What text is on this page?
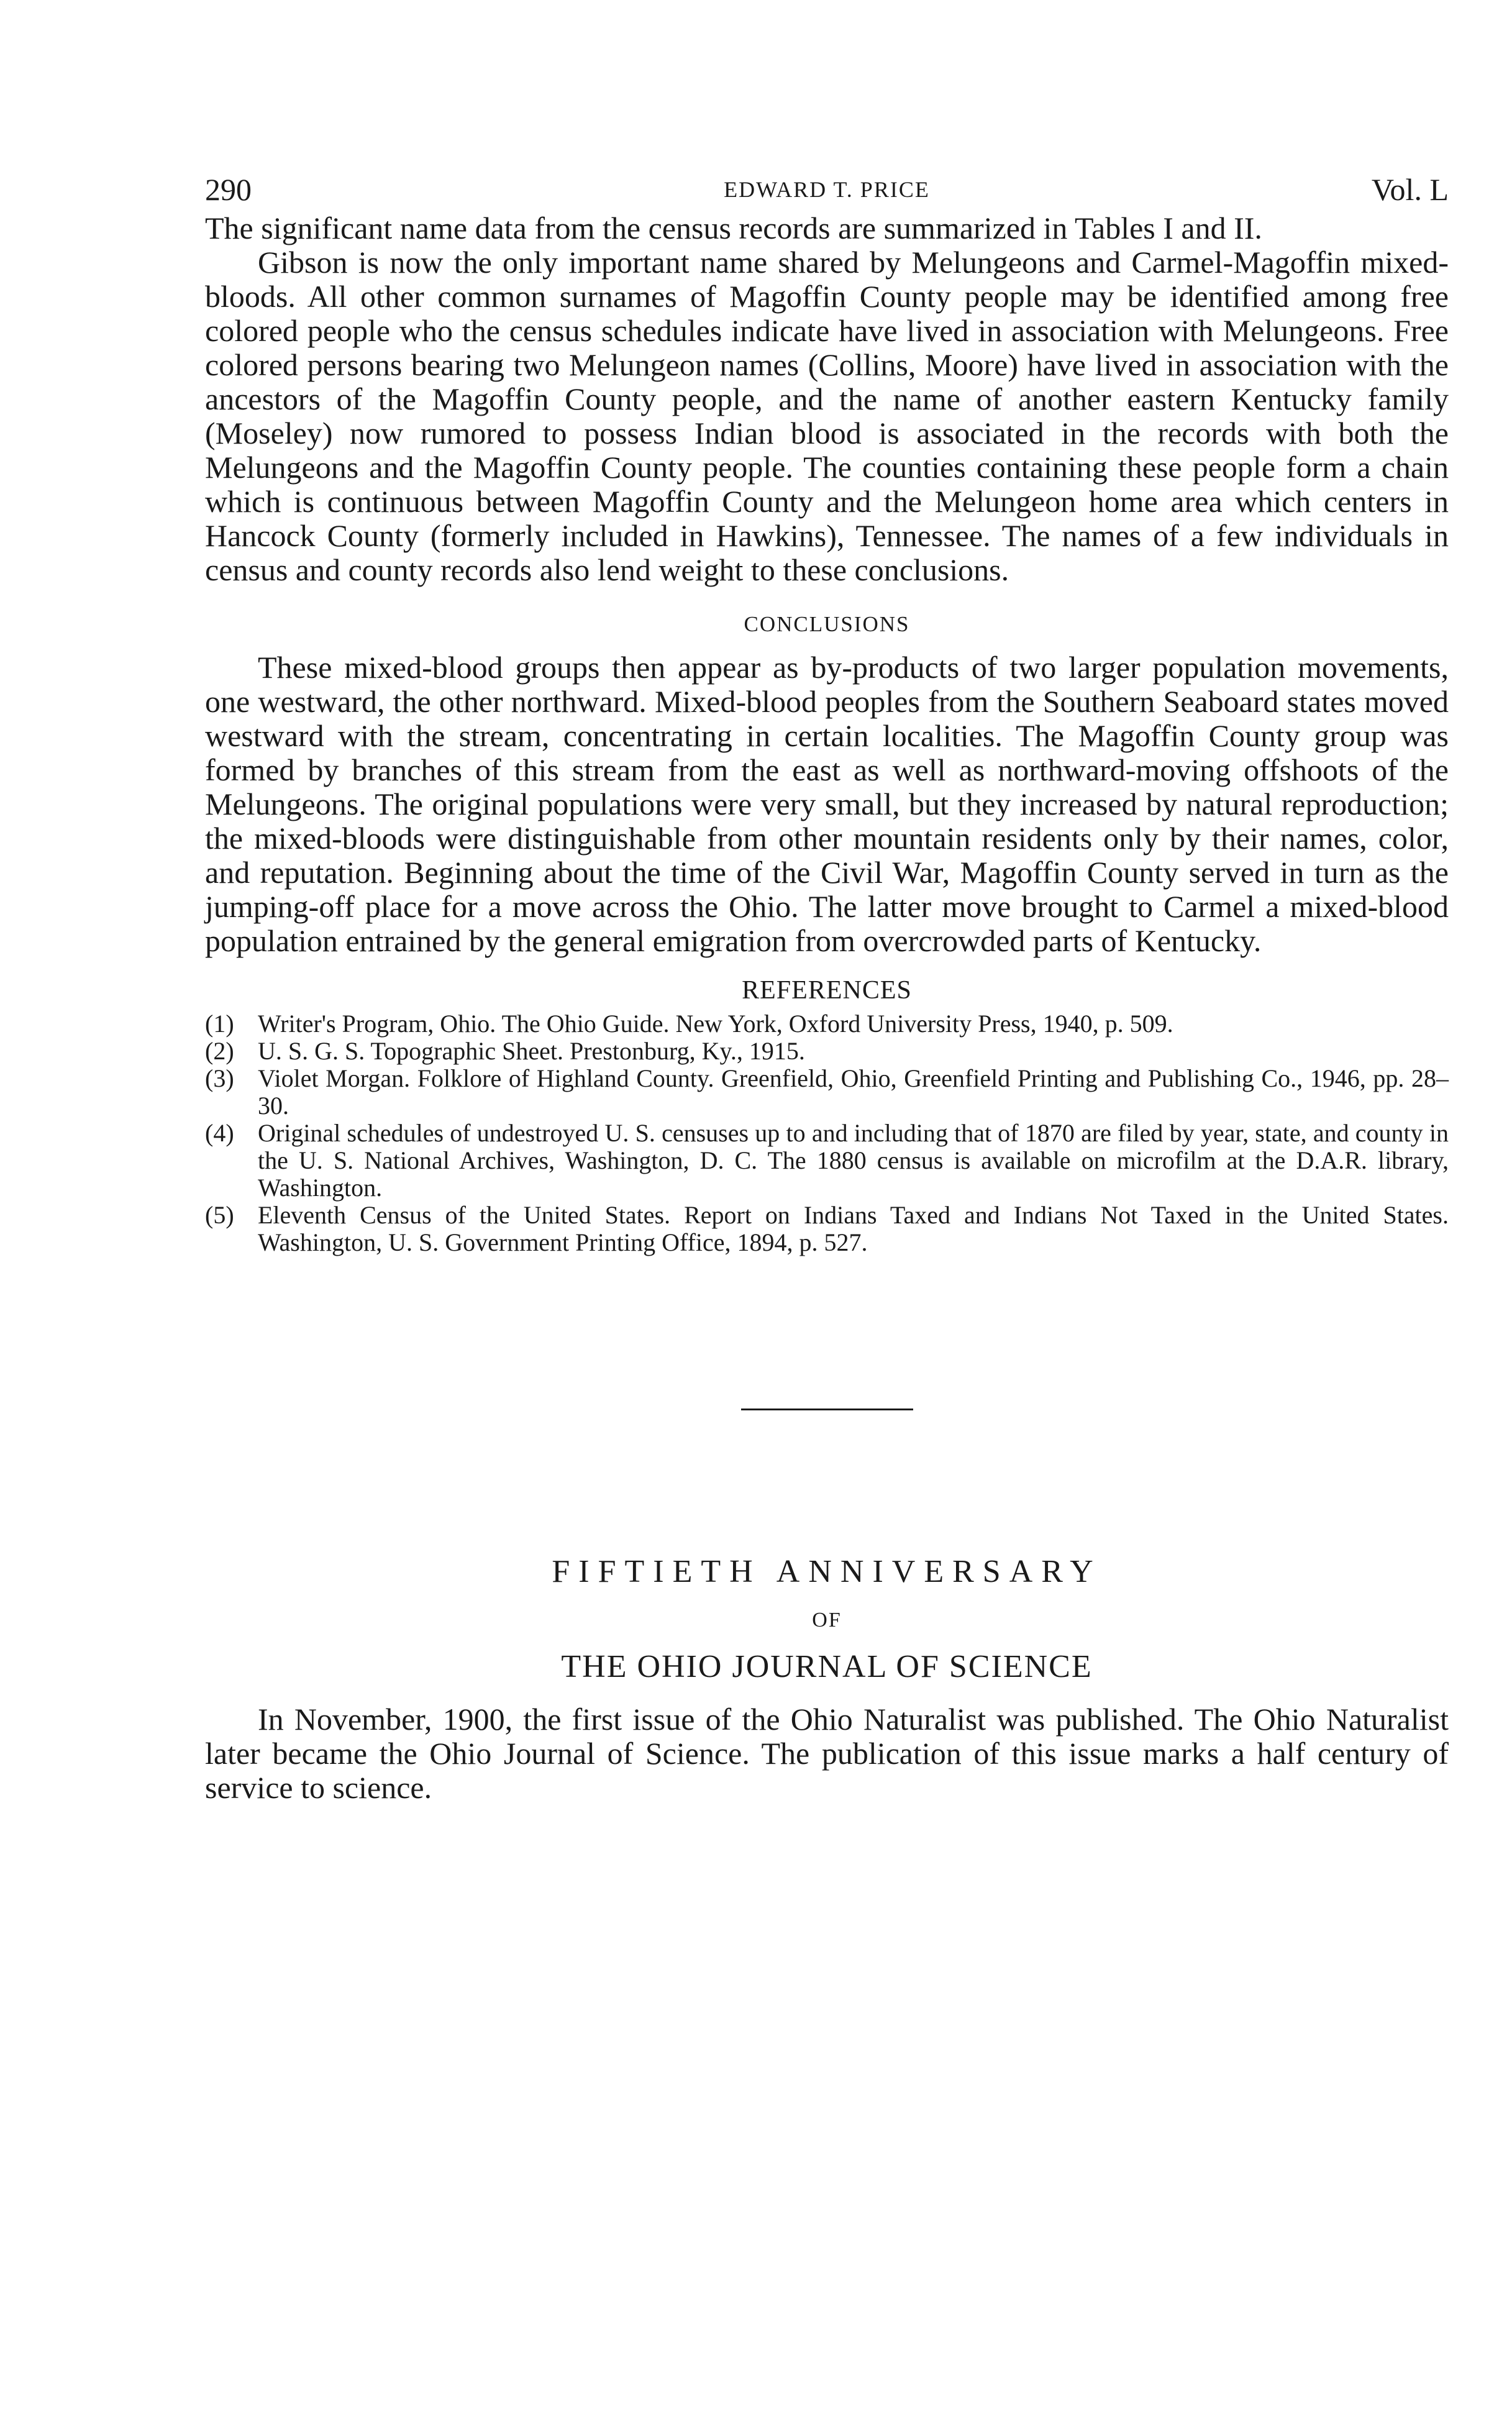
290	EDWARD T. PRICE	Vol. L

The significant name data from the census records are summarized in Tables I and II.

Gibson is now the only important name shared by Melungeons and Carmel-Magoffin mixed-bloods. All other common surnames of Magoffin County people may be identified among free colored people who the census schedules indicate have lived in association with Melungeons. Free colored persons bearing two Melungeon names (Collins, Moore) have lived in association with the ancestors of the Magoffin County people, and the name of another eastern Kentucky family (Moseley) now rumored to possess Indian blood is associated in the records with both the Melungeons and the Magoffin County people. The counties containing these people form a chain which is continuous between Magoffin County and the Melungeon home area which centers in Hancock County (formerly included in Hawkins), Tennessee. The names of a few individuals in census and county records also lend weight to these conclusions.

CONCLUSIONS

These mixed-blood groups then appear as by-products of two larger population movements, one westward, the other northward. Mixed-blood peoples from the Southern Seaboard states moved westward with the stream, concentrating in certain localities. The Magoffin County group was formed by branches of this stream from the east as well as northward-moving offshoots of the Melungeons. The original populations were very small, but they increased by natural reproduction; the mixed-bloods were distinguishable from other mountain residents only by their names, color, and reputation. Beginning about the time of the Civil War, Magoffin County served in turn as the jumping-off place for a move across the Ohio. The latter move brought to Carmel a mixed-blood population entrained by the general emigration from overcrowded parts of Kentucky.

REFERENCES
(1) Writer's Program, Ohio. The Ohio Guide. New York, Oxford University Press, 1940, p. 509.
(2) U. S. G. S. Topographic Sheet. Prestonburg, Ky., 1915.
(3) Violet Morgan. Folklore of Highland County. Greenfield, Ohio, Greenfield Printing and Publishing Co., 1946, pp. 28–30.
(4) Original schedules of undestroyed U. S. censuses up to and including that of 1870 are filed by year, state, and county in the U. S. National Archives, Washington, D. C. The 1880 census is available on microfilm at the D.A.R. library, Washington.
(5) Eleventh Census of the United States. Report on Indians Taxed and Indians Not Taxed in the United States. Washington, U. S. Government Printing Office, 1894, p. 527.
FIFTIETH ANNIVERSARY
OF
THE OHIO JOURNAL OF SCIENCE

In November, 1900, the first issue of the Ohio Naturalist was published. The Ohio Naturalist later became the Ohio Journal of Science. The publication of this issue marks a half century of service to science.
